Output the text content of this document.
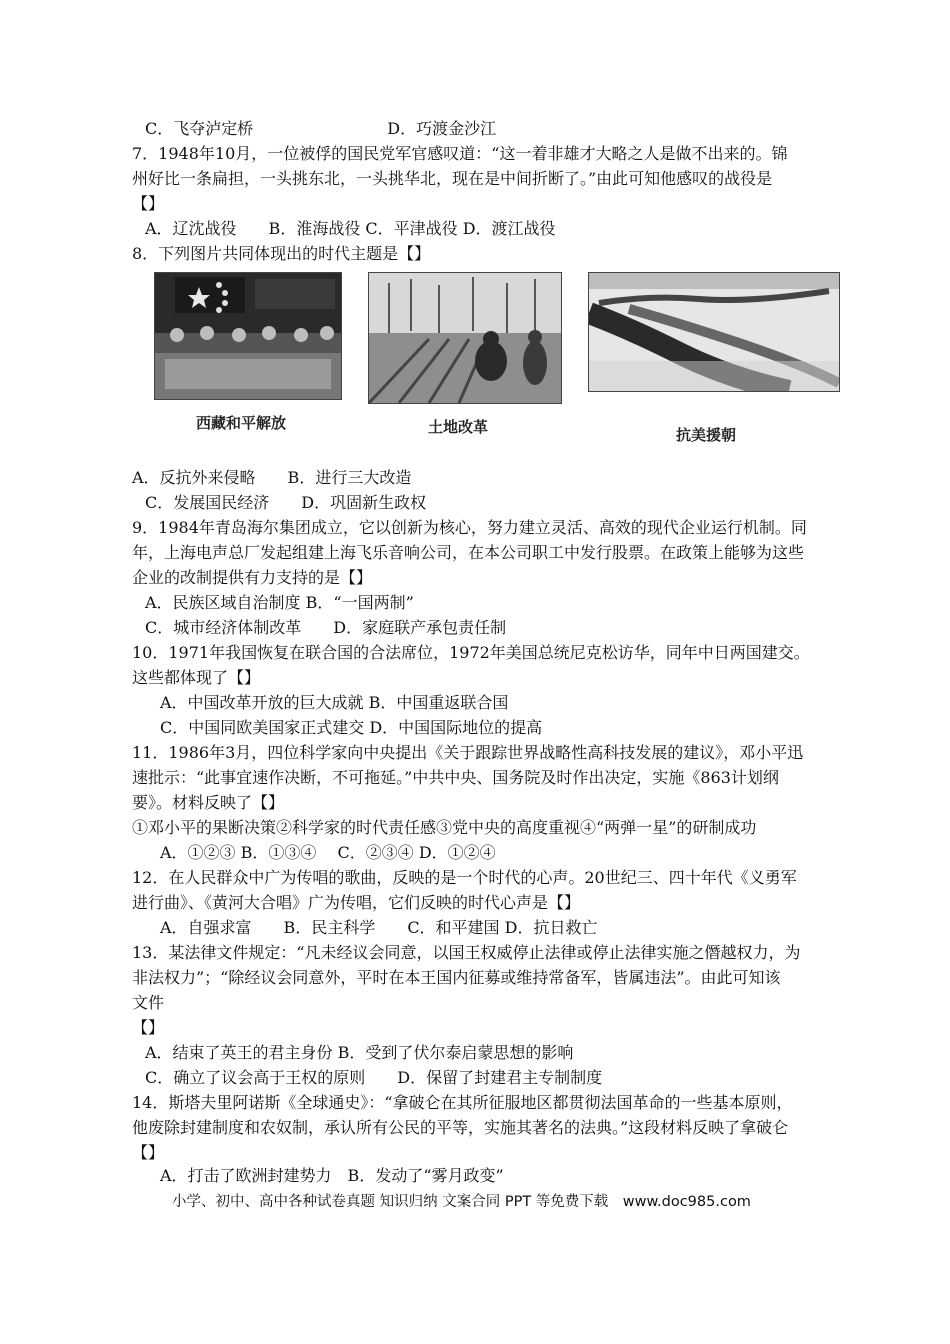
C．飞夺泸定桥	D．巧渡金沙江
7．1948年10月，一位被俘的国民党军官感叹道：“这一着非雄才大略之人是做不出来的。锦
州好比一条扁担，一头挑东北，一头挑华北，现在是中间折断了。”由此可知他感叹的战役是
【】
A．辽沈战役　　B．淮海战役 C．平津战役 D．渡江战役
8．下列图片共同体现出的时代主题是【】
西藏和平解放	土地改革	抗美援朝
A．反抗外来侵略　　B．进行三大改造
C．发展国民经济　　D．巩固新生政权
9．1984年青岛海尔集团成立，它以创新为核心，努力建立灵活、高效的现代企业运行机制。同
年，上海电声总厂发起组建上海飞乐音响公司，在本公司职工中发行股票。在政策上能够为这些
企业的改制提供有力支持的是【】
A．民族区域自治制度 B．“一国两制”
C．城市经济体制改革　　D．家庭联产承包责任制
10．1971年我国恢复在联合国的合法席位，1972年美国总统尼克松访华，同年中日两国建交。
这些都体现了【】
A．中国改革开放的巨大成就 B．中国重返联合国
C．中国同欧美国家正式建交 D．中国国际地位的提高
11．1986年3月，四位科学家向中央提出《关于跟踪世界战略性高科技发展的建议》，邓小平迅
速批示：“此事宜速作决断，不可拖延。”中共中央、国务院及时作出决定，实施《863计划纲
要》。材料反映了【】
①邓小平的果断决策②科学家的时代责任感③党中央的高度重视④“两弹一星”的研制成功
A．①②③ B．①③④　 C．②③④ D．①②④
12．在人民群众中广为传唱的歌曲，反映的是一个时代的心声。20世纪三、四十年代《义勇军
进行曲》、《黄河大合唱》广为传唱，它们反映的时代心声是【】
A．自强求富　　B．民主科学　　C．和平建国 D．抗日救亡
13．某法律文件规定：“凡未经议会同意，以国王权威停止法律或停止法律实施之僭越权力，为
非法权力”；“除经议会同意外，平时在本王国内征募或维持常备军，皆属违法”。由此可知该
文件
【】
A．结束了英王的君主身份 B．受到了伏尔泰启蒙思想的影响
C．确立了议会高于王权的原则　　D．保留了封建君主专制制度
14．斯塔夫里阿诺斯《全球通史》：“拿破仑在其所征服地区都贯彻法国革命的一些基本原则，
他废除封建制度和农奴制，承认所有公民的平等，实施其著名的法典。”这段材料反映了拿破仑
【】
A．打击了欧洲封建势力　B．发动了“雾月政变”
小学、初中、高中各种试卷真题 知识归纳 文案合同 PPT 等免费下载　www.doc985.com
